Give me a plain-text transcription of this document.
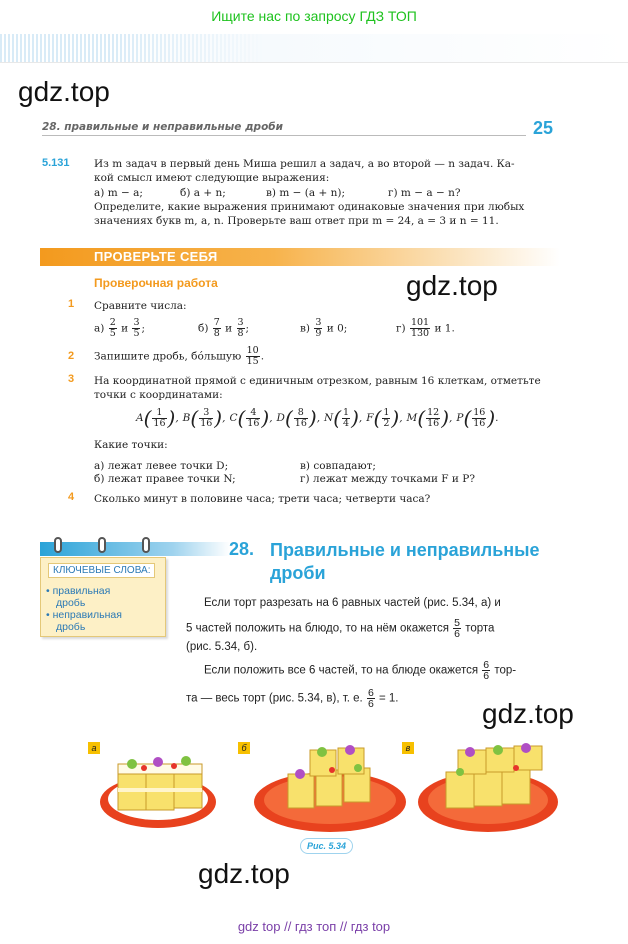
Ищите нас по запросу ГДЗ ТОП
gdz.top
gdz.top
gdz.top
gdz.top
28. правильные и неправильные дроби	25
5.131 Из m задач в первый день Миша решил a задач, а во второй — n задач. Ка-
кой смысл имеют следующие выражения:
а) m − a;	б) a + n;	в) m − (a + n);	г) m − a − n?
Определите, какие выражения принимают одинаковые значения при любых
значениях букв m, a, n. Проверьте ваш ответ при m = 24, a = 3 и n = 11.
ПРОВЕРЬТЕ СЕБЯ
Проверочная работа
1 Сравните числа:
$а) \frac{2}{5}$ и $\frac{3}{5}$ ;	$б) \frac{7}{8}$ и $\frac{3}{8}$ ;	$в) \frac{3}{9}$ и 0;	$г) \frac{101}{130}$ и 1.
2 Запишите дробь, бóльшую $\frac{10}{15}$ .
3 На координатной прямой с единичным отрезком, равным 16 клеткам, отметьте
точки с координатами:
$A( \frac{1}{16}$ ), $B( \frac{3}{16}$ ), $C( \frac{4}{16}$ ), $D( \frac{8}{16}$ ), $N( \frac{1}{4}$ ), $F( \frac{1}{2}$ ), $M( \frac{12}{16}$ ), $P( \frac{16}{16}$ ).
Какие точки:
а) лежат левее точки D;	в) совпадают;
б) лежат правее точки N;	г) лежат между точками F и P?
4 Сколько минут в половине часа; трети часа; четверти часа?
КЛЮЧЕВЫЕ СЛОВА:
• правильная
дробь
• неправильная
дробь
28. Правильные и неправильные
дроби
Если торт разрезать на 6 равных частей (рис. 5.34, а) и
5 частей положить на блюдо, то на нём окажется $\frac{5}{6}$ торта
(рис. 5.34, б).
Если положить все 6 частей, то на блюде окажется $\frac{6}{6} тор-$
та — весь торт (рис. 5.34, в), т. е. $\frac{6}{6} = 1$.
а	б	в
Рис. 5.34
gdz top // гдз топ // гдз top
